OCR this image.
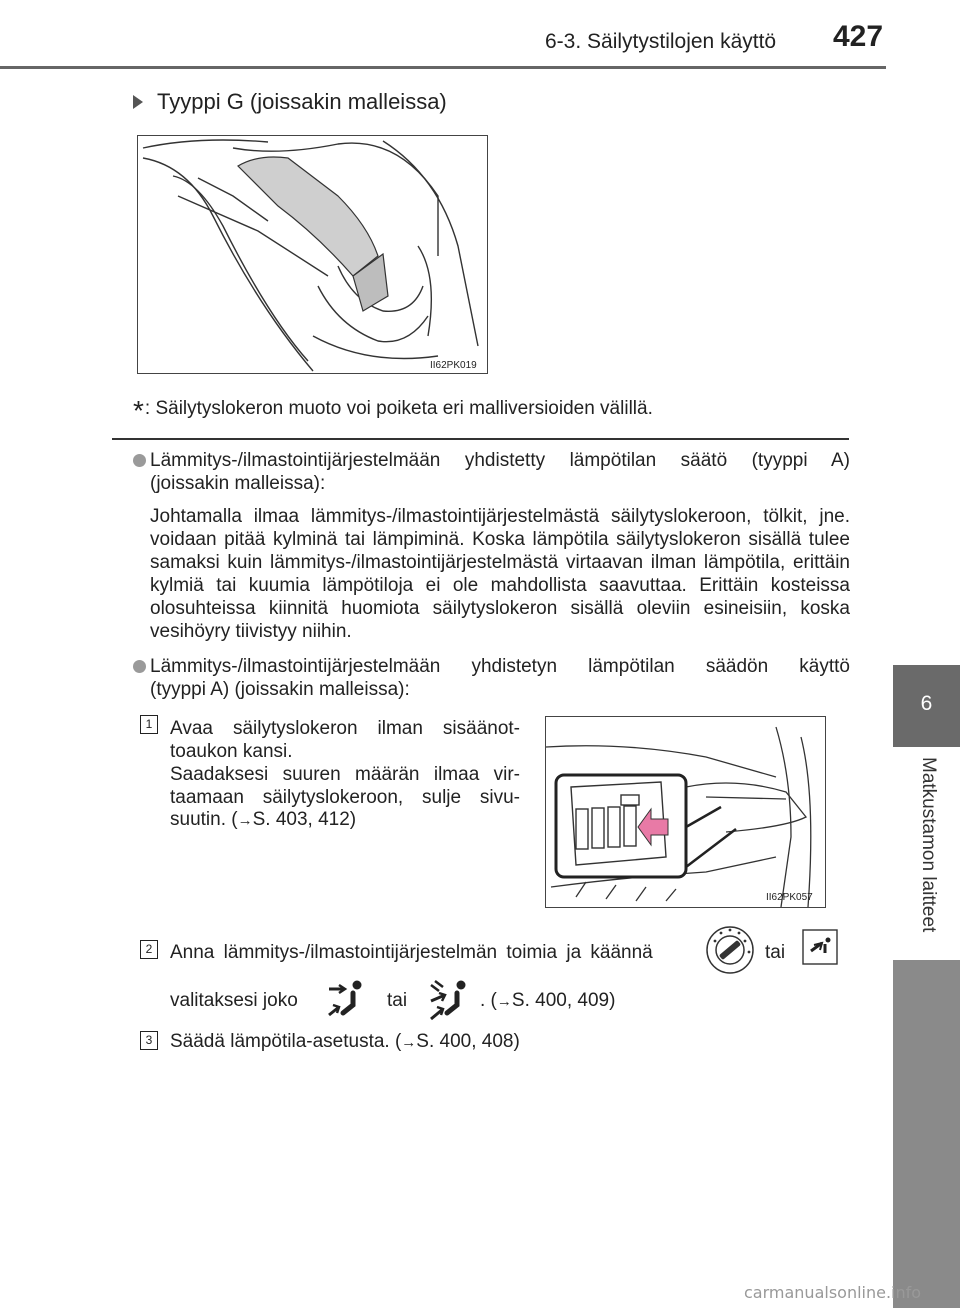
6-3. Säilytystilojen käyttö 427
6
Matkustamon laitteet
Tyyppi G (joissakin malleissa)
II62PK019
*: Säilytyslokeron muoto voi poiketa eri malliversioiden välillä.
Lämmitys-/ilmastointijärjestelmään yhdistetty lämpötilan säätö (tyyppi A)
(joissakin malleissa):
Johtamalla ilmaa lämmitys-/ilmastointijärjestelmästä säilytyslokeroon, tölkit, jne. voidaan pitää kylminä tai lämpiminä. Koska lämpötila säilytyslokeron sisällä tulee samaksi kuin lämmitys-/ilmastointijärjestelmästä virtaavan ilman lämpötila, erittäin kylmiä tai kuumia lämpötiloja ei ole mahdollista saavuttaa. Erittäin kosteissa olosuhteissa kiinnitä huomiota säilytyslokeron sisällä oleviin esineisiin, koska vesihöyry tiivistyy niihin.
Lämmitys-/ilmastointijärjestelmään yhdistetyn lämpötilan säädön käyttö
(tyyppi A) (joissakin malleissa):
1 Avaa säilytyslokeron ilman sisäänot-
toaukon kansi.
Saadaksesi suuren määrän ilmaa vir-
taamaan säilytyslokeroon, sulje sivu-
suutin. (→S. 403, 412)
II62PK057
2 Anna lämmitys-/ilmastointijärjestelmän toimia ja käännä	tai
valitaksesi joko	tai	. (→S. 400, 409)
3 Säädä lämpötila-asetusta. (→S. 400, 408)
carmanualsonline.info
